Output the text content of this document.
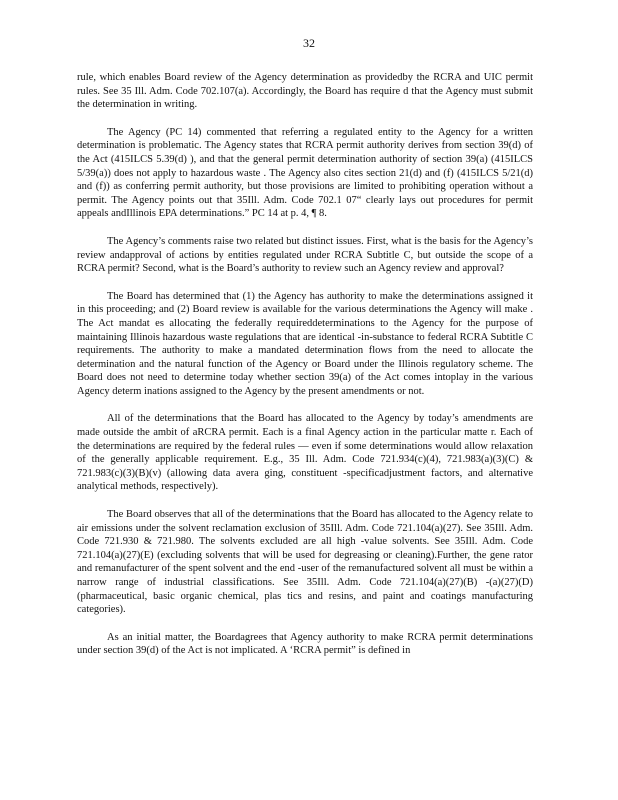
32

rule, which enables Board review of the Agency determination as providedby the RCRA and UIC permit rules. See 35 Ill. Adm. Code 702.107(a). Accordingly, the Board has require d that the Agency must submit the determination in writing.

The Agency (PC 14) commented that referring a regulated entity to the Agency for a written determination is problematic. The Agency states that RCRA permit authority derives from section 39(d) of the Act (415ILCS 5.39(d) ), and that the general permit determination authority of section 39(a) (415ILCS 5/39(a)) does not apply to hazardous waste . The Agency also cites section 21(d) and (f) (415ILCS 5/21(d) and (f)) as conferring permit authority, but those provisions are limited to prohibiting operation without a permit. The Agency points out that 35Ill. Adm. Code 702.1 07“ clearly lays out procedures for permit appeals andIllinois EPA determinations.” PC 14 at p. 4, ¶ 8.

The Agency’s comments raise two related but distinct issues. First, what is the basis for the Agency’s review andapproval of actions by entities regulated under RCRA Subtitle C, but outside the scope of a RCRA permit? Second, what is the Board’s authority to review such an Agency review and approval?

The Board has determined that (1) the Agency has authority to make the determinations assigned it in this proceeding; and (2) Board review is available for the various determinations the Agency will make . The Act mandat es allocating the federally requireddeterminations to the Agency for the purpose of maintaining Illinois hazardous waste regulations that are identical -in-substance to federal RCRA Subtitle C requirements. The authority to make a mandated determination flows from the need to allocate the determination and the natural function of the Agency or Board under the Illinois regulatory scheme. The Board does not need to determine today whether section 39(a) of the Act comes intoplay in the various Agency determ inations assigned to the Agency by the present amendments or not.

All of the determinations that the Board has allocated to the Agency by today’s amendments are made outside the ambit of aRCRA permit. Each is a final Agency action in the particular matte r. Each of the determinations are required by the federal rules — even if some determinations would allow relaxation of the generally applicable requirement. E.g., 35 Ill. Adm. Code 721.934(c)(4), 721.983(a)(3)(C) & 721.983(c)(3)(B)(v) (allowing data avera ging, constituent -specificadjustment factors, and alternative analytical methods, respectively).

The Board observes that all of the determinations that the Board has allocated to the Agency relate to air emissions under the solvent reclamation exclusion of 35Ill. Adm. Code 721.104(a)(27). See 35Ill. Adm. Code 721.930 & 721.980. The solvents excluded are all high -value solvents. See 35Ill. Adm. Code 721.104(a)(27)(E) (excluding solvents that will be used for degreasing or cleaning).Further, the gene rator and remanufacturer of the spent solvent and the end -user of the remanufactured solvent all must be within a narrow range of industrial classifications. See 35Ill. Adm. Code 721.104(a)(27)(B) -(a)(27)(D) (pharmaceutical, basic organic chemical, plas tics and resins, and paint and coatings manufacturing categories).

As an initial matter, the Boardagrees that Agency authority to make RCRA permit determinations under section 39(d) of the Act is not implicated. A ‘RCRA permit” is defined in
